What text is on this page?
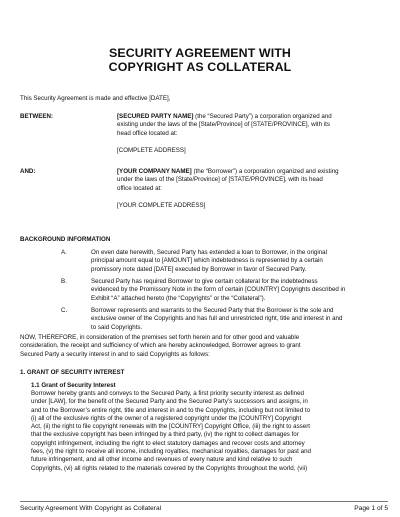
SECURITY AGREEMENT WITH
COPYRIGHT AS COLLATERAL
This Security Agreement is made and effective [DATE],
BETWEEN:	[SECURED PARTY NAME] (the “Secured Party”) a corporation organized and
existing under the laws of the [State/Province] of [STATE/PROVINCE], with its
head office located at:
[COMPLETE ADDRESS]
AND:	[YOUR COMPANY NAME] (the “Borrower”) a corporation organized and existing
under the laws of the [State/Province] of [STATE/PROVINCE], with its head
office located at:
[YOUR COMPLETE ADDRESS]
BACKGROUND INFORMATION
A.	On even date herewith, Secured Party has extended a loan to Borrower, in the original
principal amount equal to [AMOUNT] which indebtedness is represented by a certain
promissory note dated [DATE] executed by Borrower in favor of Secured Party.
B.	Secured Party has required Borrower to give certain collateral for the indebtedness
evidenced by the Promissory Note in the form of certain [COUNTRY] Copyrights described in
Exhibit “A” attached hereto (the “Copyrights” or the “Collateral”).
C.	Borrower represents and warrants to the Secured Party that the Borrower is the sole and
exclusive owner of the Copyrights and has full and unrestricted right, title and interest in and
to said Copyrights.
NOW, THEREFORE, in consideration of the premises set forth herein and for other good and valuable
consideration, the receipt and sufficiency of which are hereby acknowledged, Borrower agrees to grant
Secured Party a security interest in and to said Copyrights as follows:
1. GRANT OF SECURITY INTEREST
1.1 Grant of Security Interest
Borrower hereby grants and conveys to the Secured Party, a first priority security interest as defined
under [LAW], for the benefit of the Secured Party and the Secured Party’s successors and assigns, in
and to the Borrower’s entire right, title and interest in and to the Copyrights, including but not limited to
(i) all of the exclusive rights of the owner of a registered copyright under the [COUNTRY] Copyright
Act, (ii) the right to file copyright renewals with the [COUNTRY] Copyright Office, (iii) the right to assert
that the exclusive copyright has been infringed by a third party, (iv) the right to collect damages for
copyright infringement, including the right to elect statutory damages and recover costs and attorney
fees, (v) the right to receive all income, including royalties, mechanical royalties, damages for past and
future infringement, and all other income and revenues of every nature and kind relative to such
Copyrights, (vi) all rights related to the materials covered by the Copyrights throughout the world, (vii)
Security Agreement With Copyright as Collateral	Page 1 of 5
